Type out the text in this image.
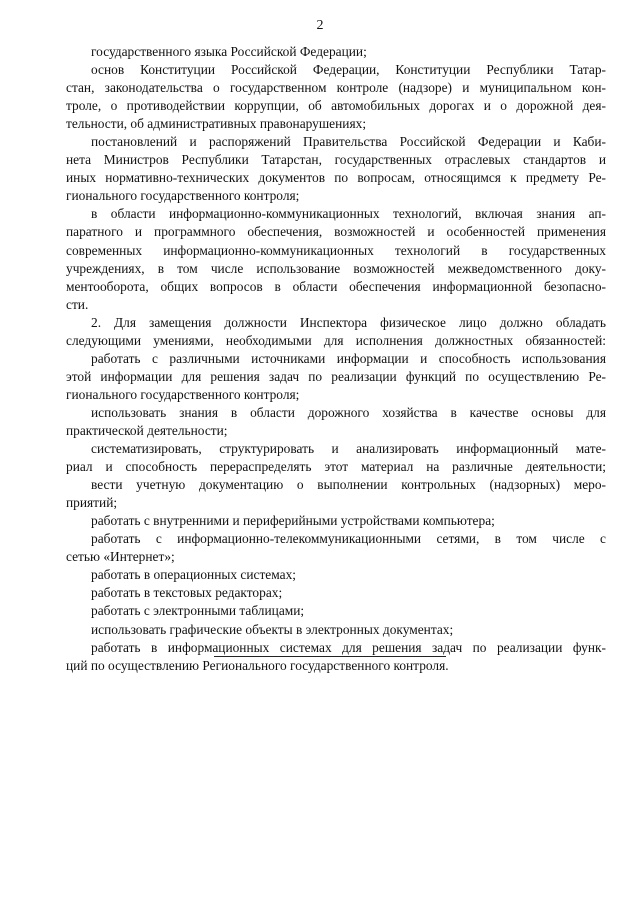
2
государственного языка Российской Федерации;
основ Конституции Российской Федерации, Конституции Республики Татар-
стан, законодательства о государственном контроле (надзоре) и муниципальном кон-
троле, о противодействии коррупции, об автомобильных дорогах и о дорожной дея-
тельности, об административных правонарушениях;
постановлений и распоряжений Правительства Российской Федерации и Каби-
нета Министров Республики Татарстан, государственных отраслевых стандартов и
иных нормативно-технических документов по вопросам, относящимся к предмету Ре-
гионального государственного контроля;
в области информационно-коммуникационных технологий, включая знания ап-
паратного и программного обеспечения, возможностей и особенностей применения
современных информационно-коммуникационных технологий в государственных
учреждениях, в том числе использование возможностей межведомственного доку-
ментооборота, общих вопросов в области обеспечения информационной безопасно-
сти.
2. Для замещения должности Инспектора физическое лицо должно обладать
следующими умениями, необходимыми для исполнения должностных обязанностей:
работать с различными источниками информации и способность использования
этой информации для решения задач по реализации функций по осуществлению Ре-
гионального государственного контроля;
использовать знания в области дорожного хозяйства в качестве основы для
практической деятельности;
систематизировать, структурировать и анализировать информационный мате-
риал и способность перераспределять этот материал на различные деятельности;
вести учетную документацию о выполнении контрольных (надзорных) меро-
приятий;
работать с внутренними и периферийными устройствами компьютера;
работать с информационно-телекоммуникационными сетями, в том числе с
сетью «Интернет»;
работать в операционных системах;
работать в текстовых редакторах;
работать с электронными таблицами;
использовать графические объекты в электронных документах;
работать в информационных системах для решения задач по реализации функ-
ций по осуществлению Регионального государственного контроля.
